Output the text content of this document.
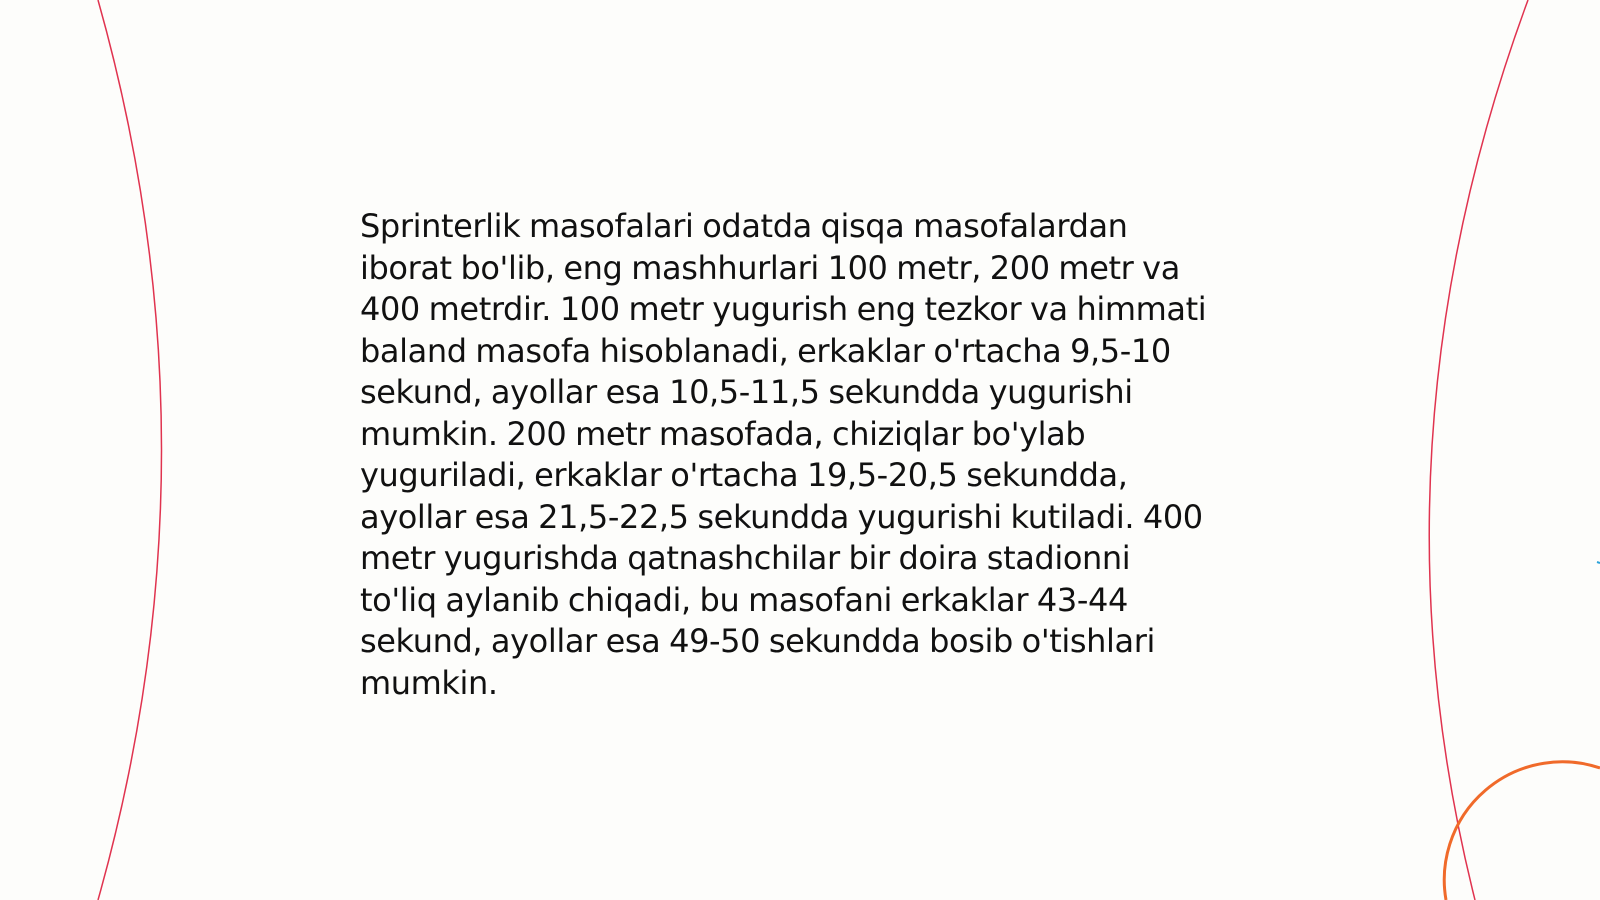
Sprinterlik masofalari odatda qisqa masofalardan
iborat bo'lib, eng mashhurlari 100 metr, 200 metr va
400 metrdir. 100 metr yugurish eng tezkor va himmati
baland masofa hisoblanadi, erkaklar o'rtacha 9,5-10
sekund, ayollar esa 10,5-11,5 sekundda yugurishi
mumkin. 200 metr masofada, chiziqlar bo'ylab
yuguriladi, erkaklar o'rtacha 19,5-20,5 sekundda,
ayollar esa 21,5-22,5 sekundda yugurishi kutiladi. 400
metr yugurishda qatnashchilar bir doira stadionni
to'liq aylanib chiqadi, bu masofani erkaklar 43-44
sekund, ayollar esa 49-50 sekundda bosib o'tishlari
mumkin.
